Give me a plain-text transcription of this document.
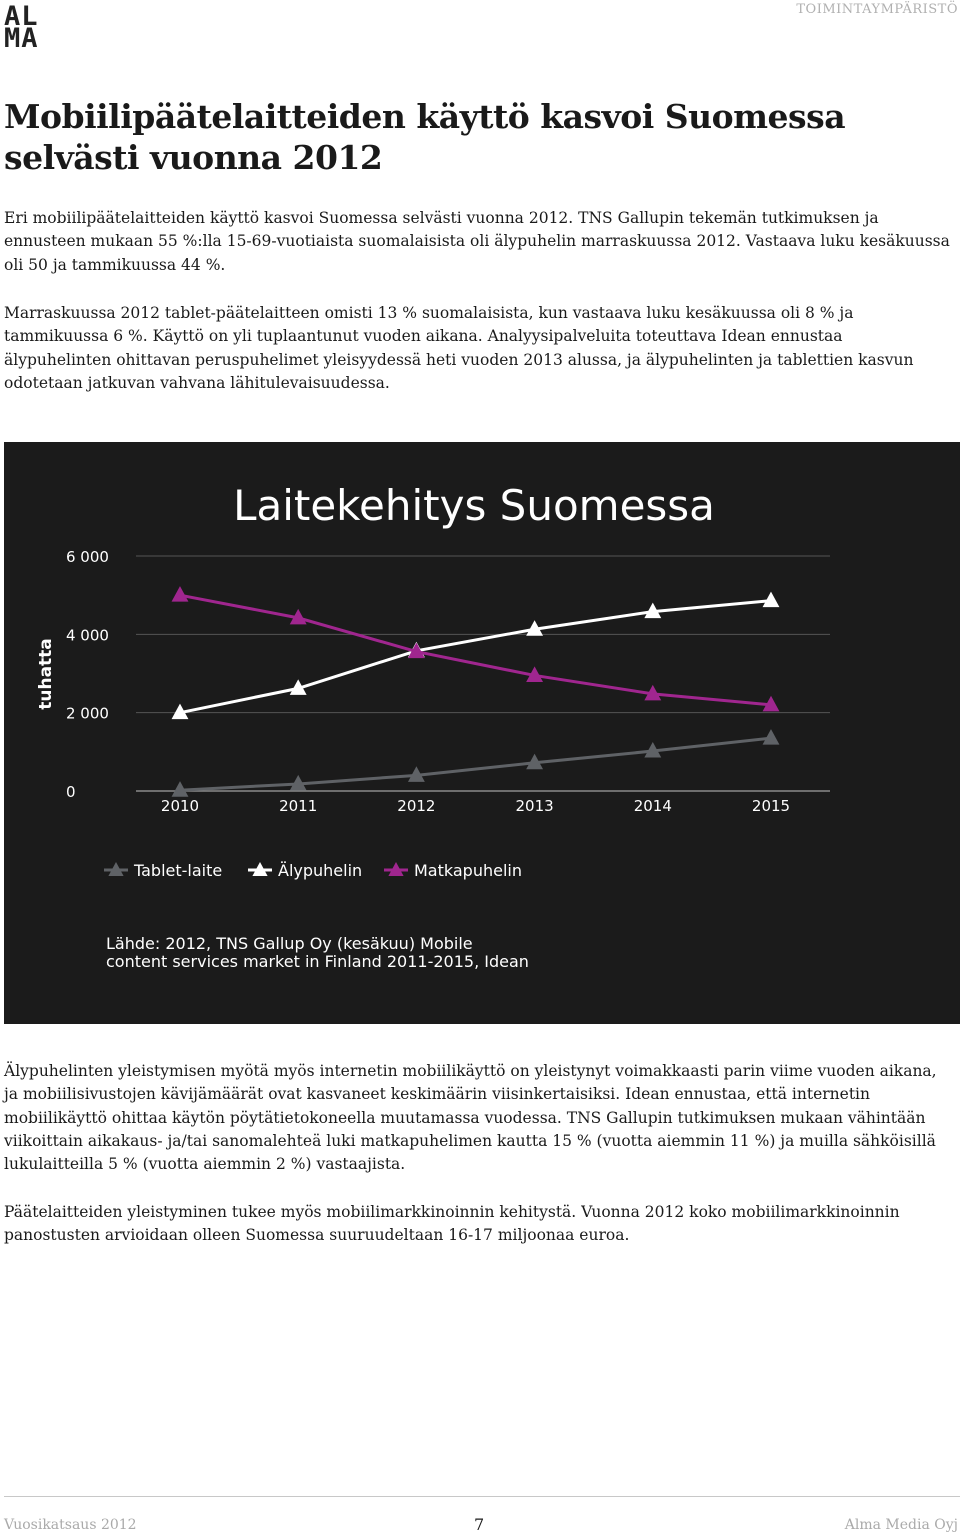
AL
MA
TOIMINTAYMPÄRISTÖ
Mobiilipäätelaitteiden käyttö kasvoi Suomessa selvästi vuonna 2012

Eri mobiilipäätelaitteiden käyttö kasvoi Suomessa selvästi vuonna 2012. TNS Gallupin tekemän tutkimuksen ja ennusteen mukaan 55 %:lla 15-69-vuotiaista suomalaisista oli älypuhelin marraskuussa 2012. Vastaava luku kesäkuussa oli 50 ja tammikuussa 44 %.

Marraskuussa 2012 tablet-päätelaitteen omisti 13 % suomalaisista, kun vastaava luku kesäkuussa oli 8 % ja tammikuussa 6 %. Käyttö on yli tuplaantunut vuoden aikana. Analyysipalveluita toteuttava Idean ennustaa älypuhelinten ohittavan peruspuhelimet yleisyydessä heti vuoden 2013 alussa, ja älypuhelinten ja tablettien kasvun odotetaan jatkuvan vahvana lähitulevaisuudessa.

Laitekehitys Suomessa
tuhatta
0
2 000
4 000
6 000
2010	2011	2012	2013	2014	2015
Tablet-laite	Älypuhelin	Matkapuhelin
Lähde: 2012, TNS Gallup Oy (kesäkuu) Mobile
content services market in Finland 2011-2015, Idean

Älypuhelinten yleistymisen myötä myös internetin mobiilikäyttö on yleistynyt voimakkaasti parin viime vuoden aikana, ja mobiilisivustojen kävijämäärät ovat kasvaneet keskimäärin viisinkertaisiksi. Idean ennustaa, että internetin mobiilikäyttö ohittaa käytön pöytätietokoneella muutamassa vuodessa. TNS Gallupin tutkimuksen mukaan vähintään viikoittain aikakaus- ja/tai sanomalehteä luki matkapuhelimen kautta 15 % (vuotta aiemmin 11 %) ja muilla sähköisillä lukulaitteilla 5 % (vuotta aiemmin 2 %) vastaajista.

Päätelaitteiden yleistyminen tukee myös mobiilimarkkinoinnin kehitystä. Vuonna 2012 koko mobiilimarkkinoinnin panostusten arvioidaan olleen Suomessa suuruudeltaan 16-17 miljoonaa euroa.

Vuosikatsaus 2012	7	Alma Media Oyj
